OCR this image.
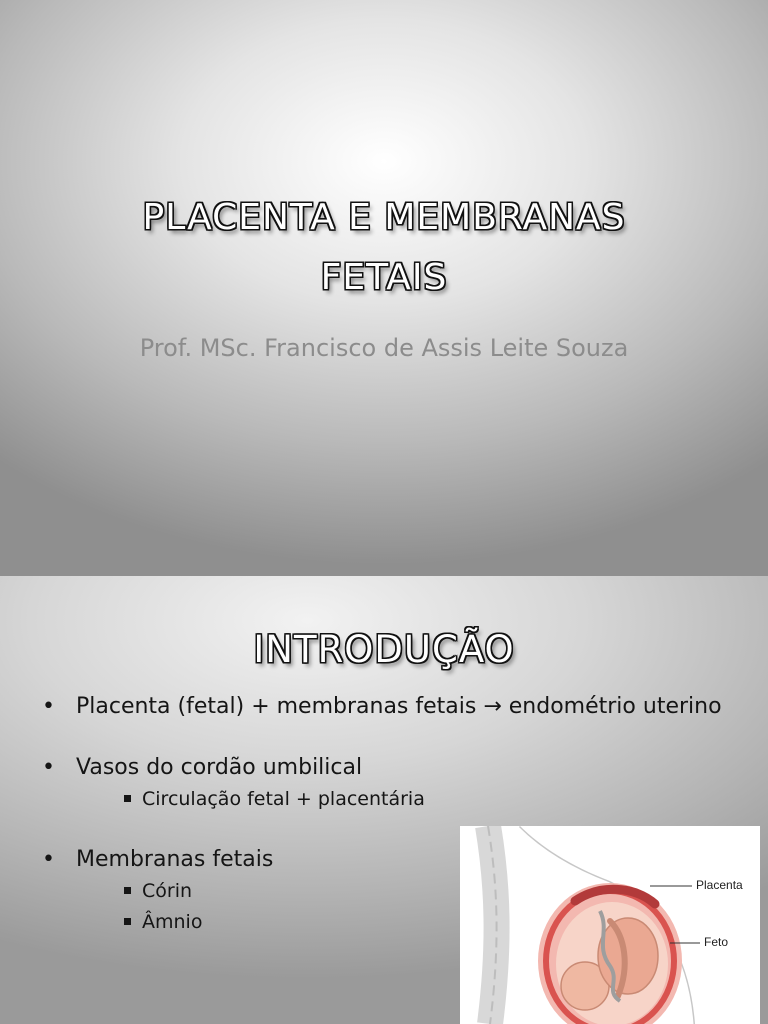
PLACENTA E MEMBRANAS
FETAIS
Prof. MSc. Francisco de Assis Leite Souza
INTRODUÇÃO
• Placenta (fetal) + membranas fetais → endométrio uterino
• Vasos do cordão umbilical
Circulação fetal + placentária
• Membranas fetais
Córin
Âmnio
Placenta
Feto
